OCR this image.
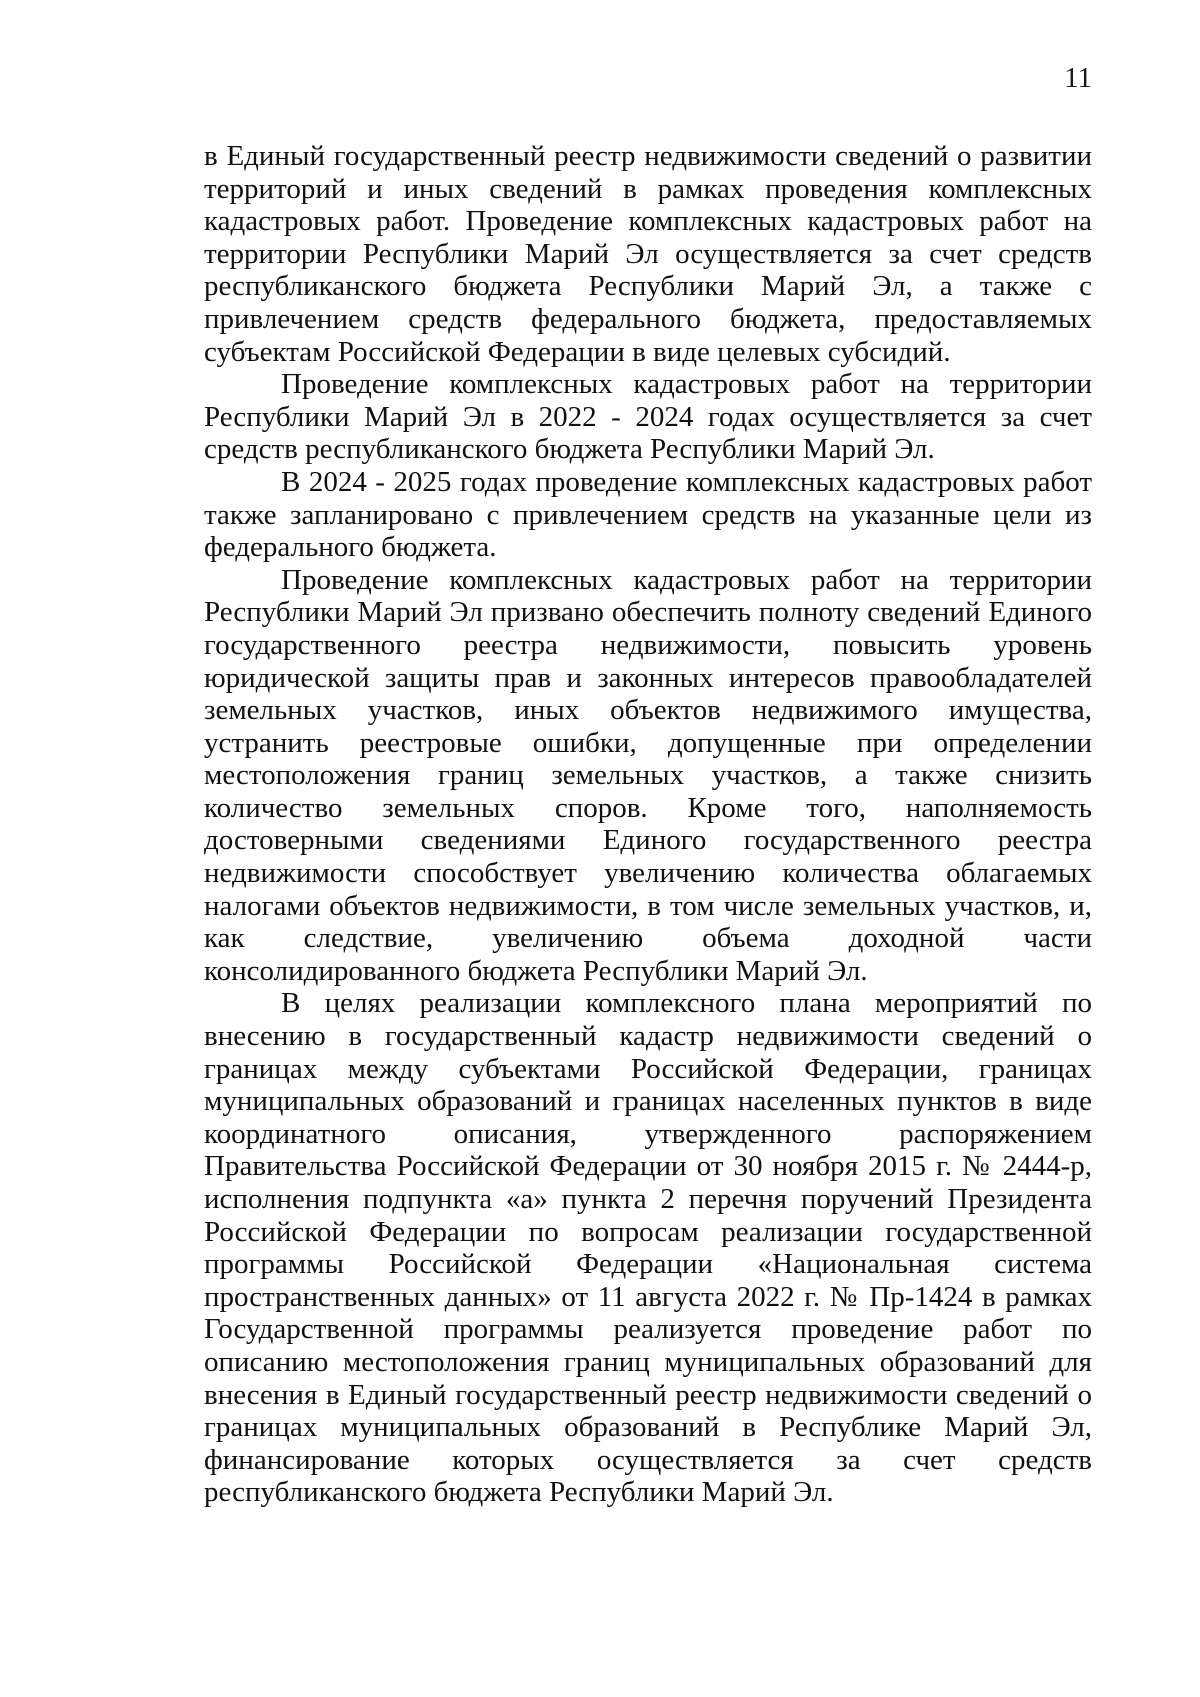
11

в Единый государственный реестр недвижимости сведений о развитии территорий и иных сведений в рамках проведения комплексных кадастровых работ. Проведение комплексных кадастровых работ на территории Республики Марий Эл осуществляется за счет средств республиканского бюджета Республики Марий Эл, а также с привлечением средств федерального бюджета, предоставляемых субъектам Российской Федерации в виде целевых субсидий.

Проведение комплексных кадастровых работ на территории Республики Марий Эл в 2022 - 2024 годах осуществляется за счет средств республиканского бюджета Республики Марий Эл.

В 2024 - 2025 годах проведение комплексных кадастровых работ также запланировано с привлечением средств на указанные цели из федерального бюджета.

Проведение комплексных кадастровых работ на территории Республики Марий Эл призвано обеспечить полноту сведений Единого государственного реестра недвижимости, повысить уровень юридической защиты прав и законных интересов правообладателей земельных участков, иных объектов недвижимого имущества, устранить реестровые ошибки, допущенные при определении местоположения границ земельных участков, а также снизить количество земельных споров. Кроме того, наполняемость достоверными сведениями Единого государственного реестра недвижимости способствует увеличению количества облагаемых налогами объектов недвижимости, в том числе земельных участков, и, как следствие, увеличению объема доходной части консолидированного бюджета Республики Марий Эл.

В целях реализации комплексного плана мероприятий по внесению в государственный кадастр недвижимости сведений о границах между субъектами Российской Федерации, границах муниципальных образований и границах населенных пунктов в виде координатного описания, утвержденного распоряжением Правительства Российской Федерации от 30 ноября 2015 г. № 2444-р, исполнения подпункта «а» пункта 2 перечня поручений Президента Российской Федерации по вопросам реализации государственной программы Российской Федерации «Национальная система пространственных данных» от 11 августа 2022 г. № Пр-1424 в рамках Государственной программы реализуется проведение работ по описанию местоположения границ муниципальных образований для внесения в Единый государственный реестр недвижимости сведений о границах муниципальных образований в Республике Марий Эл, финансирование которых осуществляется за счет средств республиканского бюджета Республики Марий Эл.
